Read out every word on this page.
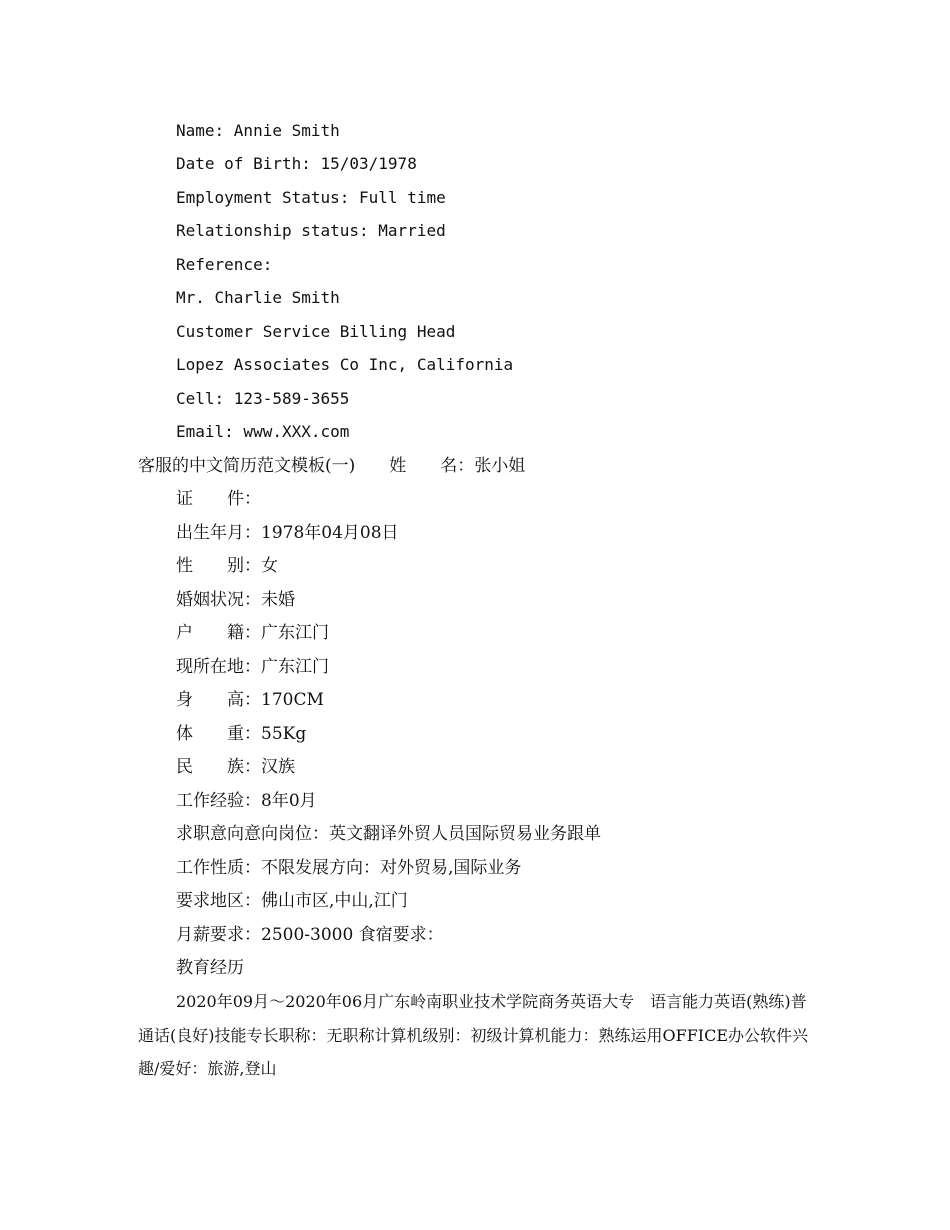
Name: Annie Smith
Date of Birth: 15/03/1978
Employment Status: Full time
Relationship status: Married
Reference:
Mr. Charlie Smith
Customer Service Billing Head
Lopez Associates Co Inc, California
Cell: 123-589-3655
Email: www.XXX.com
客服的中文简历范文模板(一)　　姓　　名：张小姐
证　　件：
出生年月：1978年04月08日
性　　别：女
婚姻状况：未婚
户　　籍：广东江门
现所在地：广东江门
身　　高：170CM
体　　重：55Kg
民　　族：汉族
工作经验：8年0月
求职意向意向岗位：英文翻译外贸人员国际贸易业务跟单
工作性质：不限发展方向：对外贸易,国际业务
要求地区：佛山市区,中山,江门
月薪要求：2500-3000 食宿要求：
教育经历
2020年09月～2020年06月广东岭南职业技术学院商务英语大专　语言能力英语(熟练)普通话(良好)技能专长职称：无职称计算机级别：初级计算机能力：熟练运用OFFICE办公软件兴趣/爱好：旅游,登山
